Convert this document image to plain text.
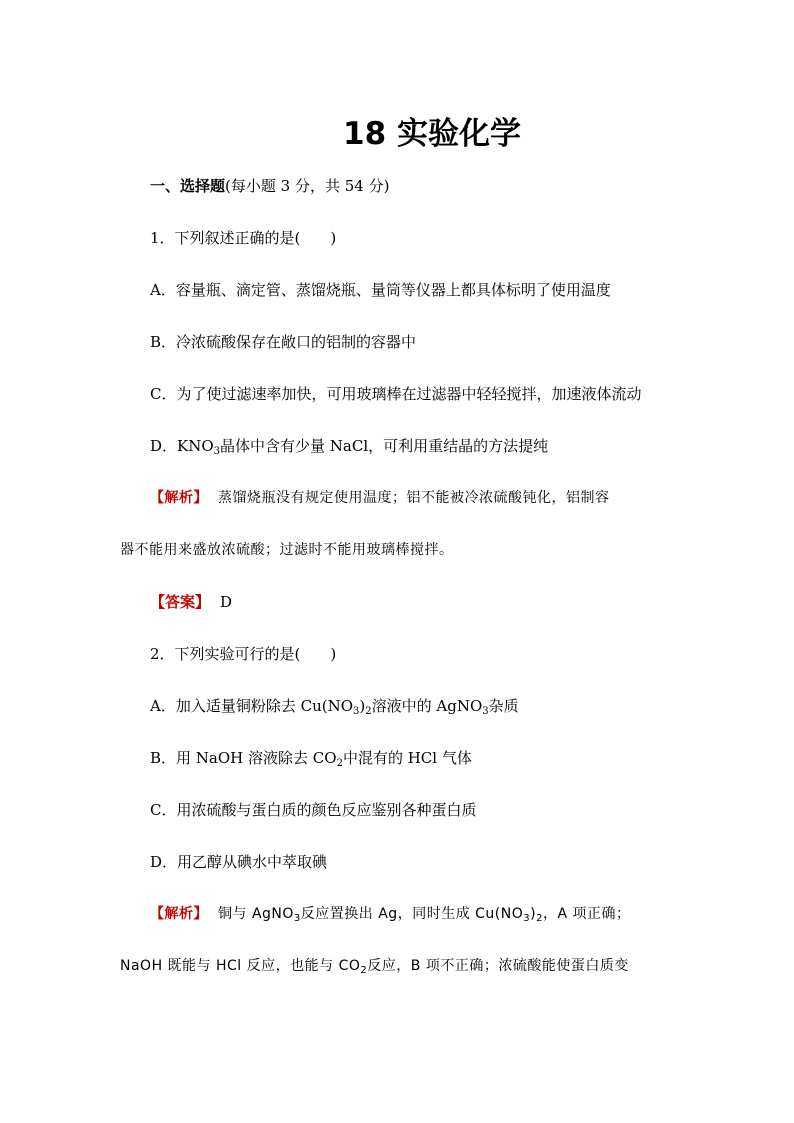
18 实验化学
一、选择题(每小题 3 分，共 54 分)
1．下列叙述正确的是(　　)
A．容量瓶、滴定管、蒸馏烧瓶、量筒等仪器上都具体标明了使用温度
B．冷浓硫酸保存在敞口的铝制的容器中
C．为了使过滤速率加快，可用玻璃棒在过滤器中轻轻搅拌，加速液体流动
D．$KNO_3$晶体中含有少量 NaCl，可利用重结晶的方法提纯
【解析】 蒸馏烧瓶没有规定使用温度；铝不能被冷浓硫酸钝化，铝制容
器不能用来盛放浓硫酸；过滤时不能用玻璃棒搅拌。
【答案】 D
2．下列实验可行的是(　　)
A．加入适量铜粉除去 $Cu(NO_3)_2$溶液中的 AgNO$_3$杂质
B．用 NaOH 溶液除去 $CO_2$中混有的 HCl 气体
C．用浓硫酸与蛋白质的颜色反应鉴别各种蛋白质
D．用乙醇从碘水中萃取碘
【解析】 铜与 AgNO$_3$反应置换出 Ag，同时生成 $Cu(NO_3)_2$，A 项正确；
NaOH 既能与 HCl 反应，也能与 $CO_2$反应，B 项不正确；浓硫酸能使蛋白质变
